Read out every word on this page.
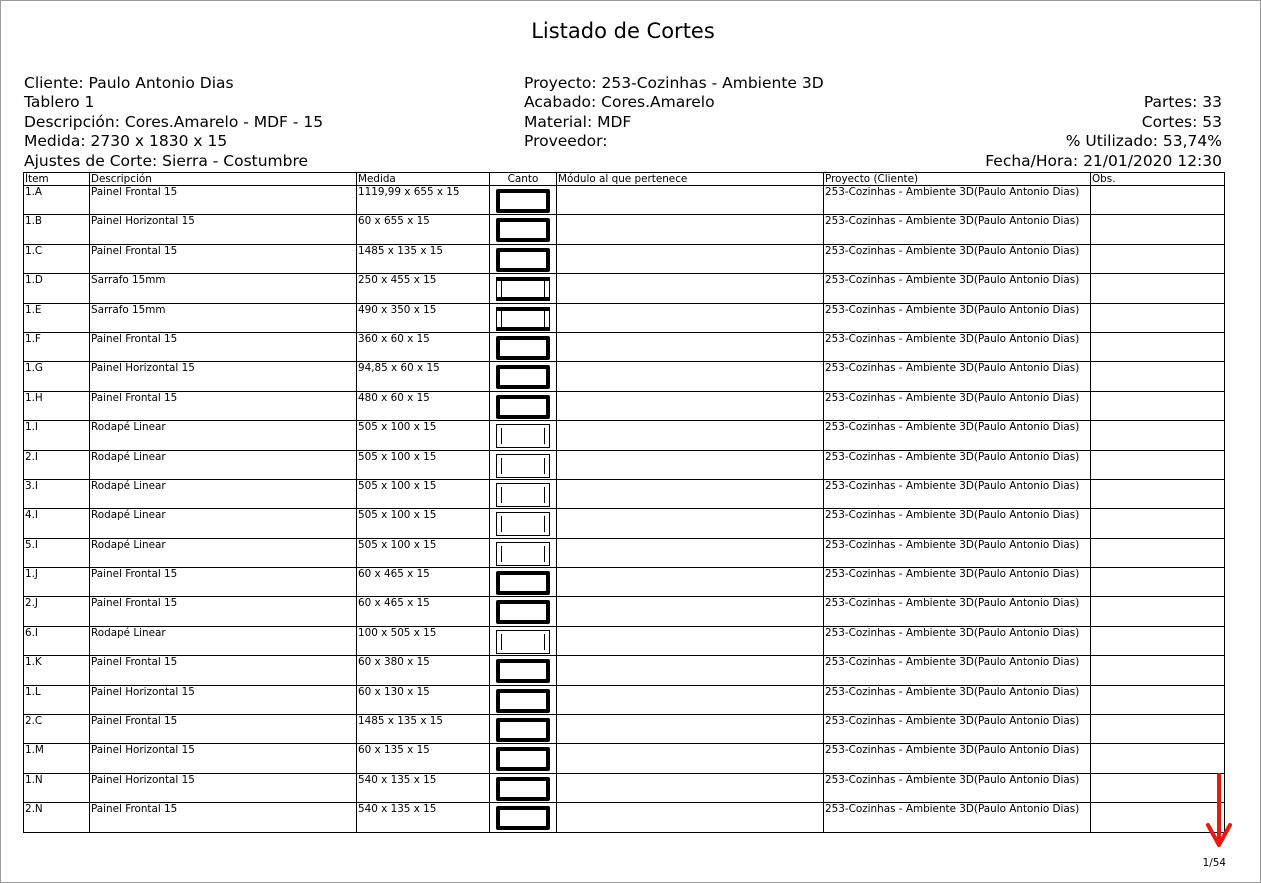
Listado de Cortes
Cliente: Paulo Antonio Dias
Tablero 1
Descripción: Cores.Amarelo - MDF - 15
Medida: 2730 x 1830 x 15
Ajustes de Corte: Sierra - Costumbre
Proyecto: 253-Cozinhas - Ambiente 3D
Acabado: Cores.Amarelo
Material: MDF
Proveedor:
Partes: 33
Cortes: 53
% Utilizado: 53,74%
Fecha/Hora: 21/01/2020 12:30
Ítem	Descripción	Medida	Canto	Módulo al que pertenece	Proyecto (Cliente)	Obs.
1.A	Painel Frontal 15	1119,99 x 655 x 15			253-Cozinhas - Ambiente 3D(Paulo Antonio Dias)	
1.B	Painel Horizontal 15	60 x 655 x 15			253-Cozinhas - Ambiente 3D(Paulo Antonio Dias)	
1.C	Painel Frontal 15	1485 x 135 x 15			253-Cozinhas - Ambiente 3D(Paulo Antonio Dias)	
1.D	Sarrafo 15mm	250 x 455 x 15			253-Cozinhas - Ambiente 3D(Paulo Antonio Dias)	
1.E	Sarrafo 15mm	490 x 350 x 15			253-Cozinhas - Ambiente 3D(Paulo Antonio Dias)	
1.F	Painel Frontal 15	360 x 60 x 15			253-Cozinhas - Ambiente 3D(Paulo Antonio Dias)	
1.G	Painel Horizontal 15	94,85 x 60 x 15			253-Cozinhas - Ambiente 3D(Paulo Antonio Dias)	
1.H	Painel Frontal 15	480 x 60 x 15			253-Cozinhas - Ambiente 3D(Paulo Antonio Dias)	
1.I	Rodapé Linear	505 x 100 x 15			253-Cozinhas - Ambiente 3D(Paulo Antonio Dias)	
2.I	Rodapé Linear	505 x 100 x 15			253-Cozinhas - Ambiente 3D(Paulo Antonio Dias)	
3.I	Rodapé Linear	505 x 100 x 15			253-Cozinhas - Ambiente 3D(Paulo Antonio Dias)	
4.I	Rodapé Linear	505 x 100 x 15			253-Cozinhas - Ambiente 3D(Paulo Antonio Dias)	
5.I	Rodapé Linear	505 x 100 x 15			253-Cozinhas - Ambiente 3D(Paulo Antonio Dias)	
1.J	Painel Frontal 15	60 x 465 x 15			253-Cozinhas - Ambiente 3D(Paulo Antonio Dias)	
2.J	Painel Frontal 15	60 x 465 x 15			253-Cozinhas - Ambiente 3D(Paulo Antonio Dias)	
6.I	Rodapé Linear	100 x 505 x 15			253-Cozinhas - Ambiente 3D(Paulo Antonio Dias)	
1.K	Painel Frontal 15	60 x 380 x 15			253-Cozinhas - Ambiente 3D(Paulo Antonio Dias)	
1.L	Painel Horizontal 15	60 x 130 x 15			253-Cozinhas - Ambiente 3D(Paulo Antonio Dias)	
2.C	Painel Frontal 15	1485 x 135 x 15			253-Cozinhas - Ambiente 3D(Paulo Antonio Dias)	
1.M	Painel Horizontal 15	60 x 135 x 15			253-Cozinhas - Ambiente 3D(Paulo Antonio Dias)	
1.N	Painel Horizontal 15	540 x 135 x 15			253-Cozinhas - Ambiente 3D(Paulo Antonio Dias)	
2.N	Painel Frontal 15	540 x 135 x 15			253-Cozinhas - Ambiente 3D(Paulo Antonio Dias)	
1/54
